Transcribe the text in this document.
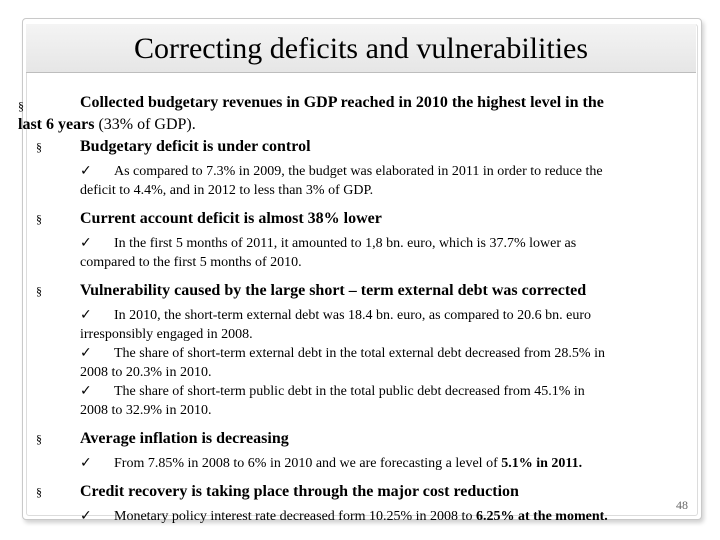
Correcting deficits and vulnerabilities
§	Collected budgetary revenues in GDP reached in 2010 the highest level in the
last 6 years (33% of GDP).
§ Budgetary deficit is under control
✓	As compared to 7.3% in 2009, the budget was elaborated in 2011 in order to reduce the
deficit to 4.4%, and in 2012 to less than 3% of GDP.
§ Current account deficit is almost 38% lower
✓	In the first 5 months of 2011, it amounted to 1,8 bn. euro, which is 37.7% lower as
compared to the first 5 months of 2010.
§ Vulnerability caused by the large short – term external debt was corrected
✓	In 2010, the short-term external debt was 18.4 bn. euro, as compared to 20.6 bn. euro
irresponsibly engaged in 2008.
✓	The share of short-term external debt in the total external debt decreased from 28.5% in
2008 to 20.3% in 2010.
✓	The share of short-term public debt in the total public debt decreased from 45.1% in
2008 to 32.9% in 2010.
§ Average inflation is decreasing
✓	From 7.85% in 2008 to 6% in 2010 and we are forecasting a level of 5.1% in 2011.
§ Credit recovery is taking place through the major cost reduction
✓	Monetary policy interest rate decreased form 10.25% in 2008 to 6.25% at the moment.
48
